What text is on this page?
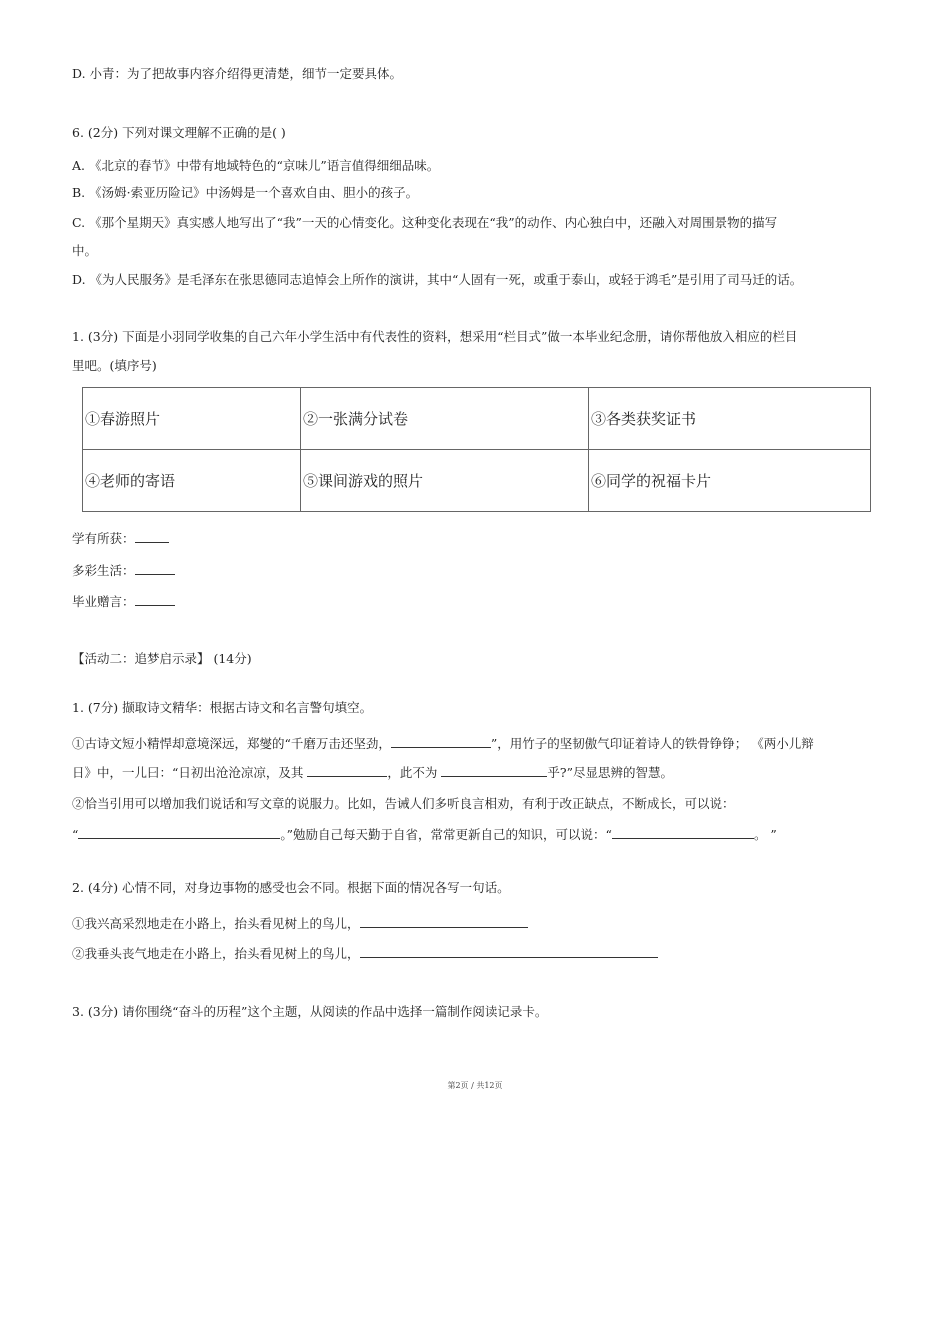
D. 小青：为了把故事内容介绍得更清楚，细节一定要具体。
6. (2分) 下列对课文理解不正确的是( )
A. 《北京的春节》中带有地域特色的“京味儿”语言值得细细品味。
B. 《汤姆·索亚历险记》中汤姆是一个喜欢自由、胆小的孩子。
C. 《那个星期天》真实感人地写出了“我”一天的心情变化。这种变化表现在“我”的动作、内心独白中，还融入对周围景物的描写
中。
D. 《为人民服务》是毛泽东在张思德同志追悼会上所作的演讲，其中“人固有一死，或重于泰山，或轻于鸿毛”是引用了司马迁的话。
1. (3分) 下面是小羽同学收集的自己六年小学生活中有代表性的资料，想采用“栏目式”做一本毕业纪念册，请你帮他放入相应的栏目
里吧。(填序号)
①春游照片	②一张满分试卷	③各类获奖证书
④老师的寄语	⑤课间游戏的照片	⑥同学的祝福卡片
学有所获：
多彩生活：
毕业赠言：
【活动二：追梦启示录】 (14分)
1. (7分) 撷取诗文精华：根据古诗文和名言警句填空。
①古诗文短小精悍却意境深远，郑燮的“千磨万击还坚劲，	”，用竹子的坚韧傲气印证着诗人的铁骨铮铮； 《两小儿辩
日》中，一儿曰：“日初出沧沧凉凉，及其	，此不为	乎?”尽显思辨的智慧。
②恰当引用可以增加我们说话和写文章的说服力。比如，告诫人们多听良言相劝，有利于改正缺点，不断成长，可以说：
“	。”勉励自己每天勤于自省，常常更新自己的知识，可以说：“	。 ”
2. (4分) 心情不同，对身边事物的感受也会不同。根据下面的情况各写一句话。
①我兴高采烈地走在小路上，抬头看见树上的鸟儿，
②我垂头丧气地走在小路上，抬头看见树上的鸟儿，
3. (3分) 请你围绕“奋斗的历程”这个主题，从阅读的作品中选择一篇制作阅读记录卡。
第2页 / 共12页
